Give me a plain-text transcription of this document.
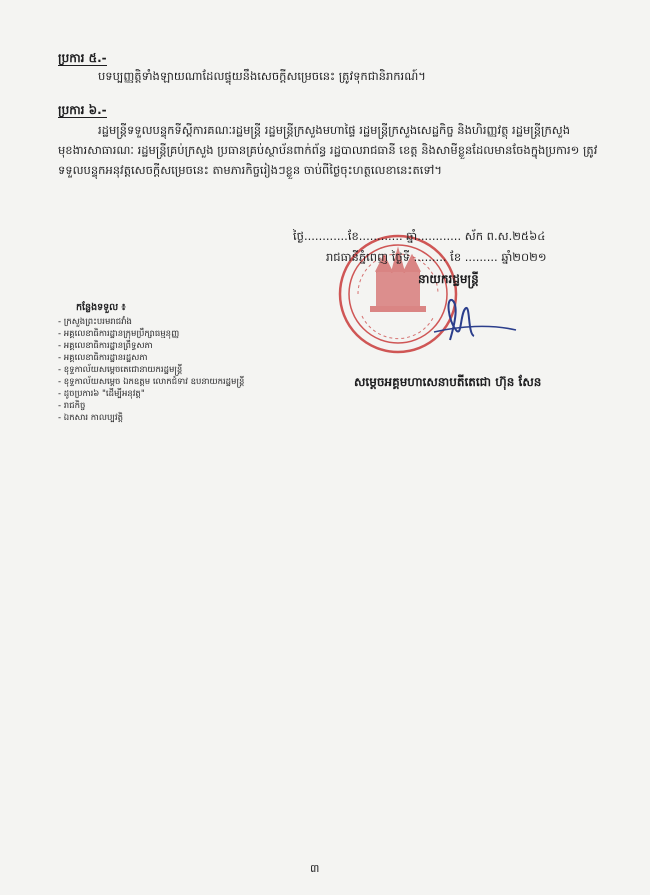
ប្រការ ៥.-
បទប្បញ្ញត្តិទាំងឡាយណាដែលផ្ទុយនឹងសេចក្តីសម្រេចនេះ ត្រូវទុកជានិរាករណ៍។
ប្រការ ៦.-
រដ្ឋមន្ត្រីទទួលបន្ទុកទីស្តីការគណៈរដ្ឋមន្ត្រី រដ្ឋមន្ត្រីក្រសួងមហាផ្ទៃ រដ្ឋមន្ត្រីក្រសួងសេដ្ឋកិច្ច និងហិរញ្ញវត្ថុ រដ្ឋមន្ត្រីក្រសួងមុខងារសាធារណៈ រដ្ឋមន្ត្រីគ្រប់ក្រសួង ប្រធានគ្រប់ស្ថាប័នពាក់ព័ន្ធ រដ្ឋបាលរាជធានី ខេត្ត និងសាមីខ្លួនដែលមានចែងក្នុងប្រការ១ ត្រូវទទួលបន្ទុកអនុវត្តសេចក្តីសម្រេចនេះ តាមភារកិច្ចរៀងៗខ្លួន ចាប់ពីថ្ងៃចុះហត្ថលេខានេះតទៅ។
ថ្ងៃ............ខែ............ ឆ្នាំ............ ស័ក ព.ស.២៥៦៤
រាជធានីភ្នំពេញ ថ្ងៃទី ......... ខែ ......... ឆ្នាំ២០២១
នាយករដ្ឋមន្ត្រី
សម្តេចអគ្គមហាសេនាបតីតេជោ ហ៊ុន សែន
កន្លែងទទួល ៖
- ក្រសួងព្រះបរមរាជវាំង
- អគ្គលេខាធិការដ្ឋានក្រុមប្រឹក្សាធម្មនុញ្ញ
- អគ្គលេខាធិការដ្ឋានព្រឹទ្ធសភា
- អគ្គលេខាធិការដ្ឋានរដ្ឋសភា
- ខុទ្ទកាល័យសម្តេចតេជោនាយករដ្ឋមន្ត្រី
- ខុទ្ទកាល័យសម្តេច ឯកឧត្តម លោកជំទាវ ឧបនាយករដ្ឋមន្ត្រី
- ដូចប្រការ៦ "ដើម្បីអនុវត្ត"
- រាជកិច្ច
- ឯកសារ កាលប្បវត្តិ
៣
